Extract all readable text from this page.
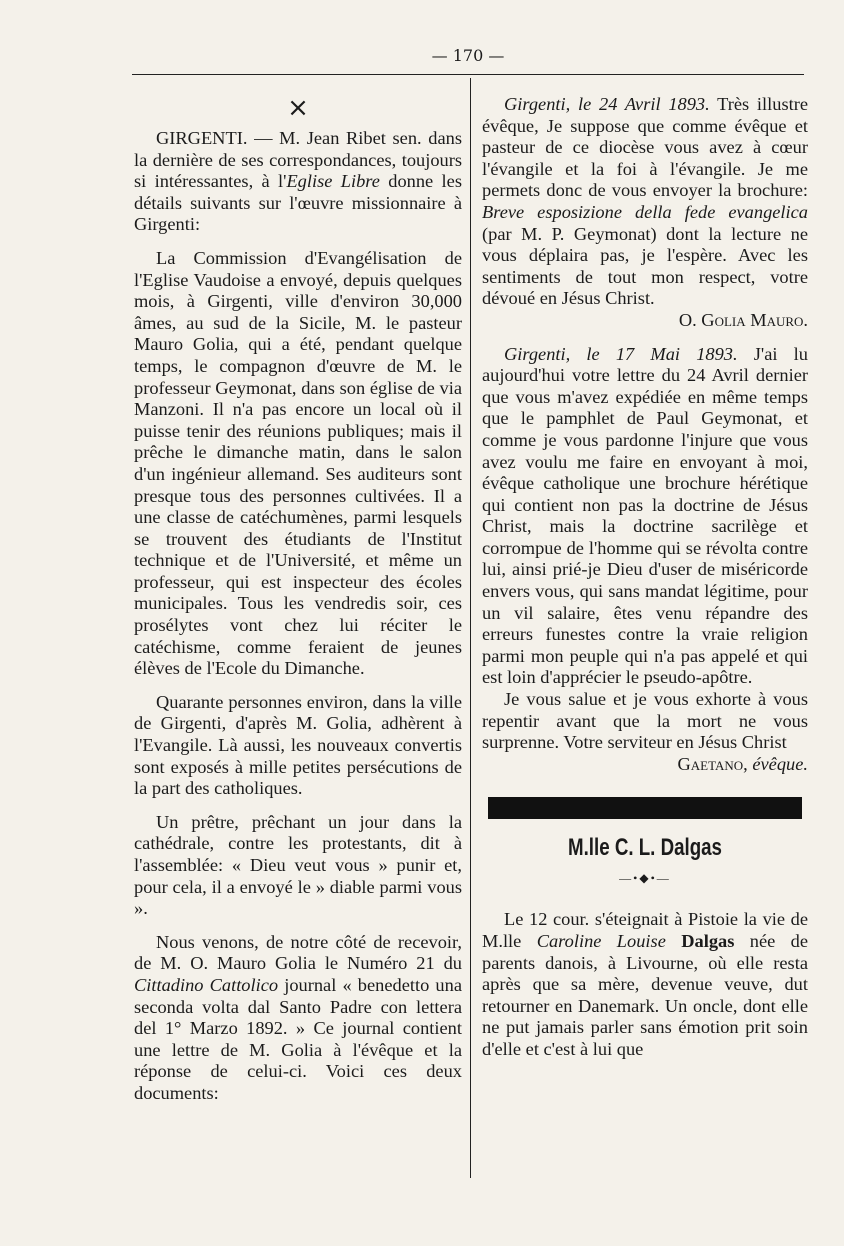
— 170 —
×

GIRGENTI. — M. Jean Ribet sen. dans la dernière de ses correspondances, toujours si intéressantes, à l'Eglise Libre donne les détails suivants sur l'œuvre missionnaire à Girgenti:

La Commission d'Evangélisation de l'Eglise Vaudoise a envoyé, depuis quelques mois, à Girgenti, ville d'environ 30,000 âmes, au sud de la Sicile, M. le pasteur Mauro Golia, qui a été, pendant quelque temps, le compagnon d'œuvre de M. le professeur Geymonat, dans son église de via Manzoni. Il n'a pas encore un local où il puisse tenir des réunions publiques; mais il prêche le dimanche matin, dans le salon d'un ingénieur allemand. Ses auditeurs sont presque tous des personnes cultivées. Il a une classe de catéchumènes, parmi lesquels se trouvent des étudiants de l'Institut technique et de l'Université, et même un professeur, qui est inspecteur des écoles municipales. Tous les vendredis soir, ces prosélytes vont chez lui réciter le catéchisme, comme feraient de jeunes élèves de l'Ecole du Dimanche.

Quarante personnes environ, dans la ville de Girgenti, d'après M. Golia, adhèrent à l'Evangile. Là aussi, les nouveaux convertis sont exposés à mille petites persécutions de la part des catholiques.

Un prêtre, prêchant un jour dans la cathédrale, contre les protestants, dit à l'assemblée: « Dieu veut vous » punir et, pour cela, il a envoyé le » diable parmi vous ».

Nous venons, de notre côté de recevoir, de M. O. Mauro Golia le Numéro 21 du Cittadino Cattolico journal « benedetto una seconda volta dal Santo Padre con lettera del 1° Marzo 1892. » Ce journal contient une lettre de M. Golia à l'évêque et la réponse de celui-ci. Voici ces deux documents:

Girgenti, le 24 Avril 1893. Très illustre évêque, Je suppose que comme évêque et pasteur de ce diocèse vous avez à cœur l'évangile et la foi à l'évangile. Je me permets donc de vous envoyer la brochure: Breve esposizione della fede evangelica (par M. P. Geymonat) dont la lecture ne vous déplaira pas, je l'espère. Avec les sentiments de tout mon respect, votre dévoué en Jésus Christ.

O. Golia Mauro.

Girgenti, le 17 Mai 1893. J'ai lu aujourd'hui votre lettre du 24 Avril dernier que vous m'avez expédiée en même temps que le pamphlet de Paul Geymonat, et comme je vous pardonne l'injure que vous avez voulu me faire en envoyant à moi, évêque catholique une brochure hérétique qui contient non pas la doctrine de Jésus Christ, mais la doctrine sacrilège et corrompue de l'homme qui se révolta contre lui, ainsi prié-je Dieu d'user de miséricorde envers vous, qui sans mandat légitime, pour un vil salaire, êtes venu répandre des erreurs funestes contre la vraie religion parmi mon peuple qui n'a pas appelé et qui est loin d'apprécier le pseudo-apôtre.

Je vous salue et je vous exhorte à vous repentir avant que la mort ne vous surprenne. Votre serviteur en Jésus Christ

Gaetano, évêque.

M.lle C. L. Dalgas
—•◆•—

Le 12 cour. s'éteignait à Pistoie la vie de M.lle Caroline Louise Dalgas née de parents danois, à Livourne, où elle resta après que sa mère, devenue veuve, dut retourner en Danemark. Un oncle, dont elle ne put jamais parler sans émotion prit soin d'elle et c'est à lui que
